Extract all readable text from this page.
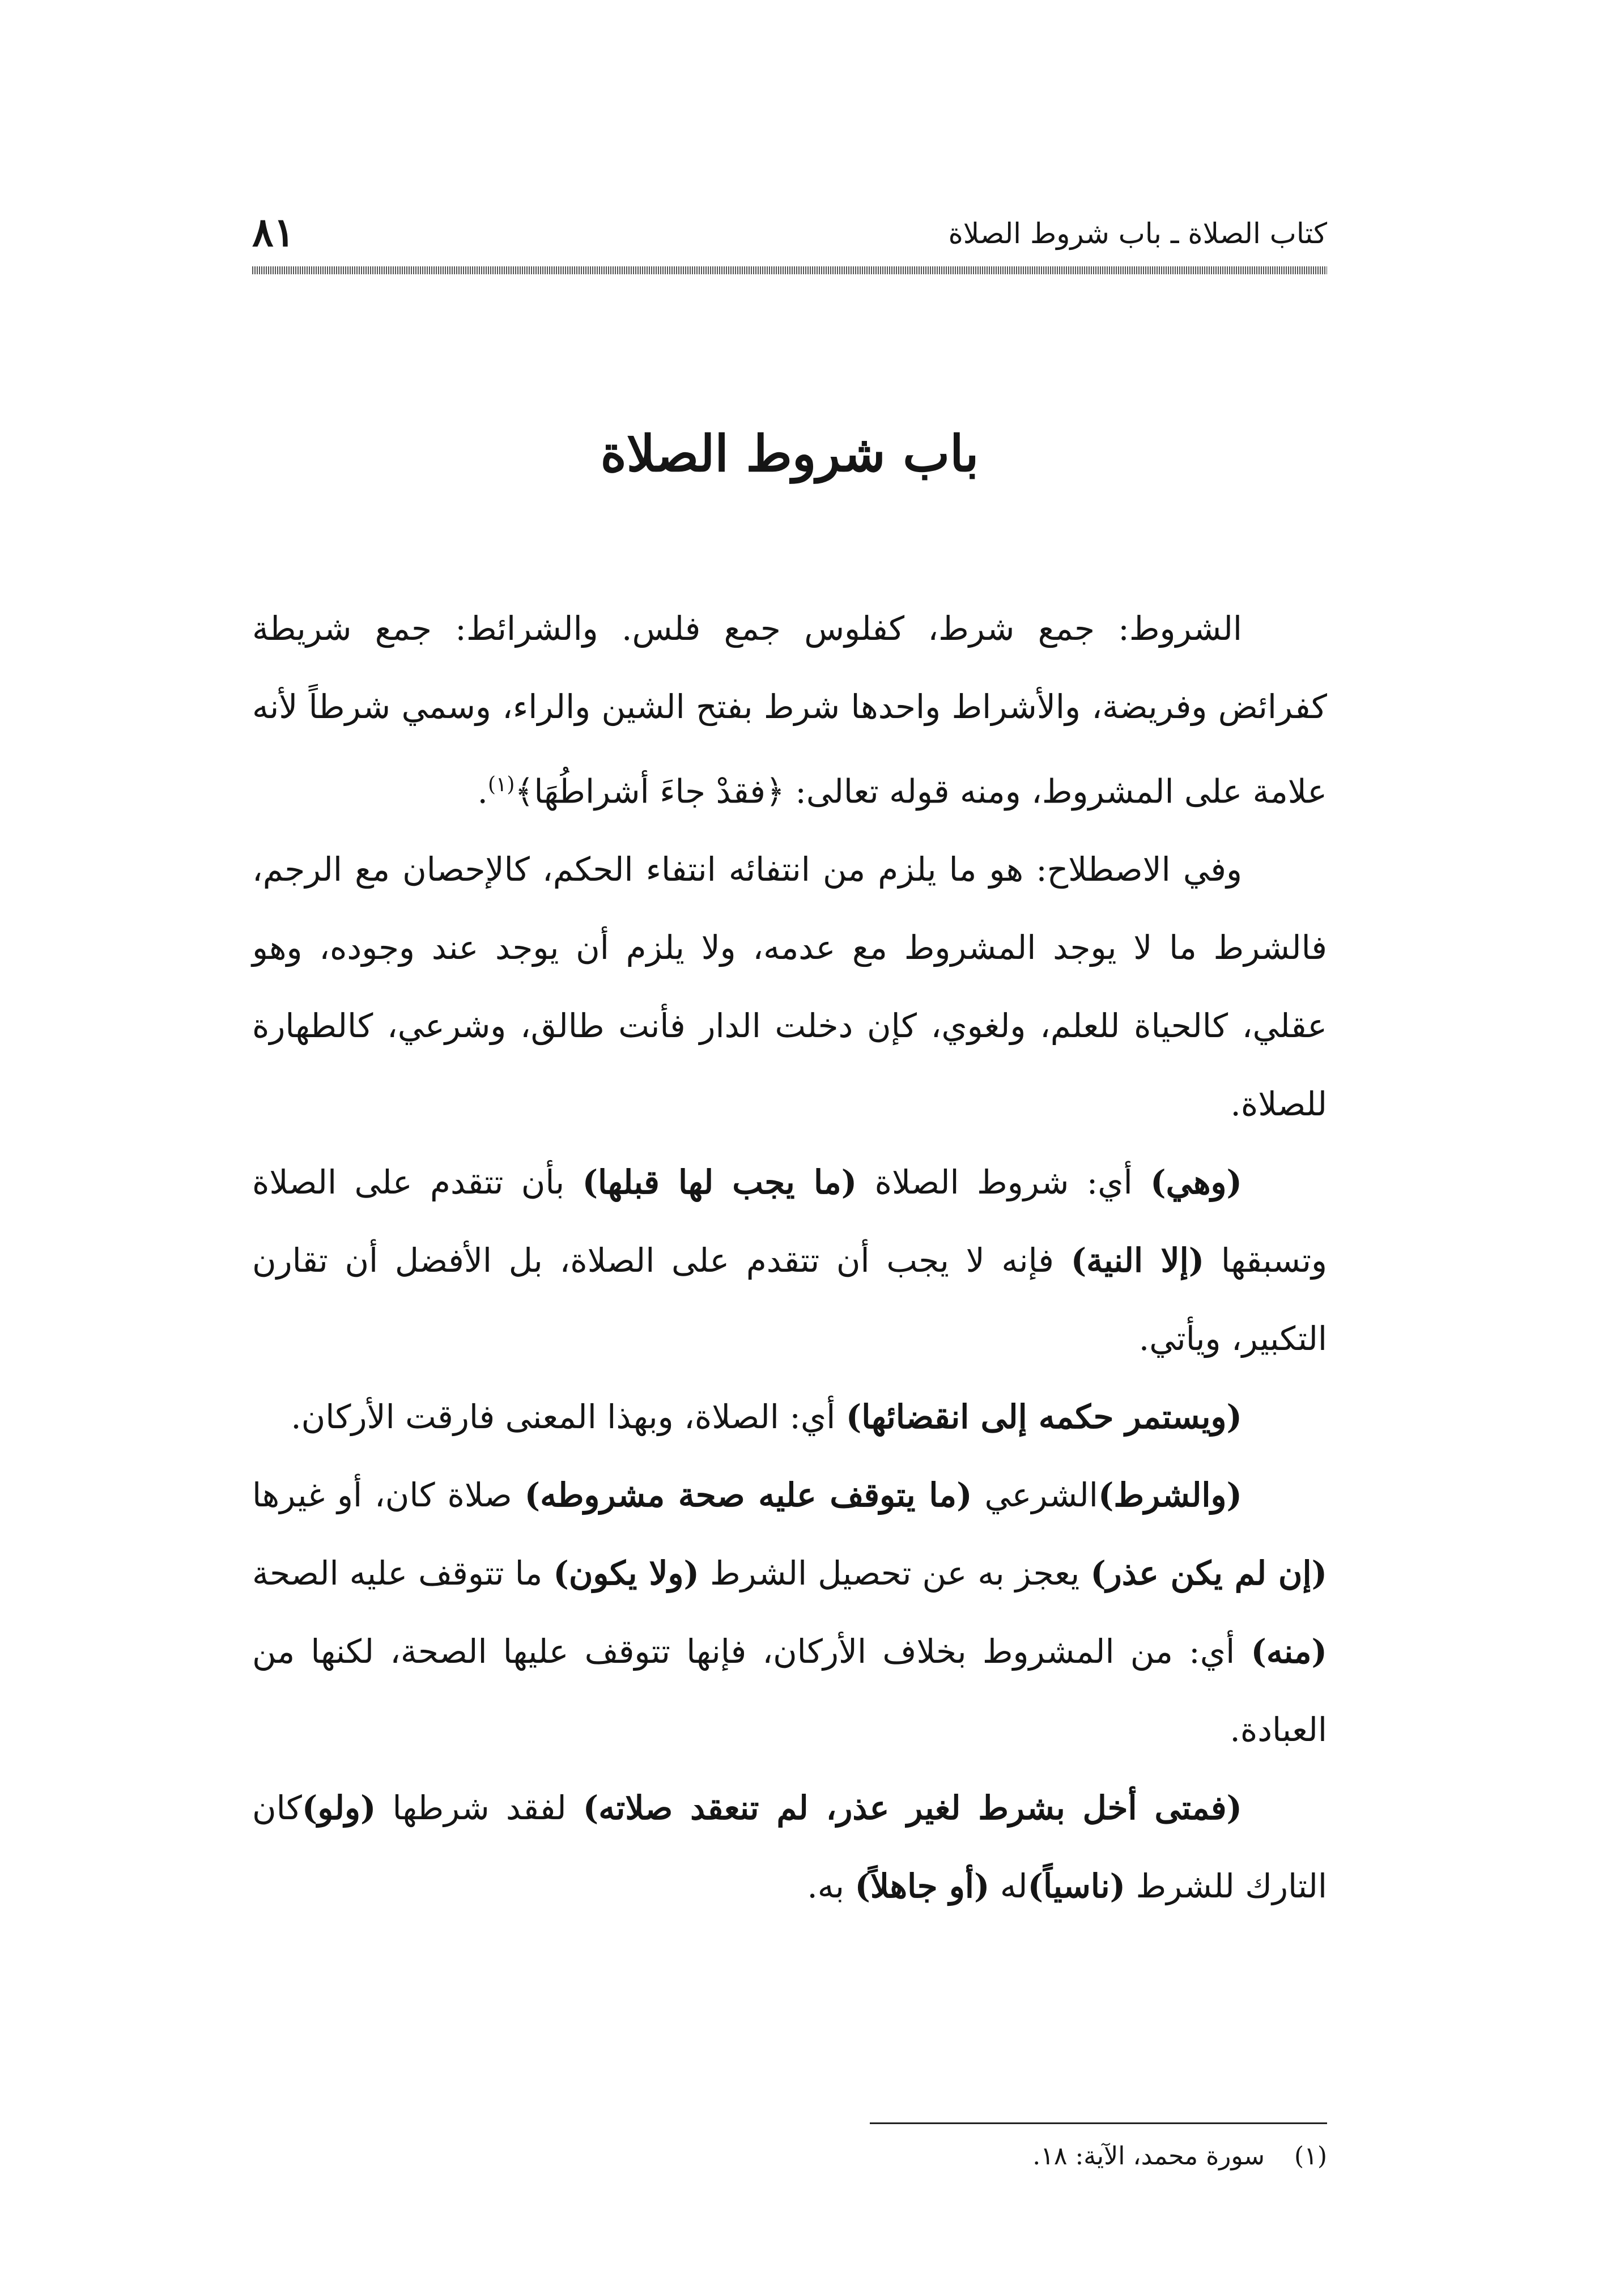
كتاب الصلاة ـ باب شروط الصلاة
٨١
باب شروط الصلاة

الشروط: جمع شرط، كفلوس جمع فلس. والشرائط: جمع شريطة كفرائض وفريضة، والأشراط واحدها شرط بفتح الشين والراء، وسمي شرطاً لأنه علامة على المشروط، ومنه قوله تعالى: ﴿فقدْ جاءَ أشراطُهَا﴾$^{(١)}$.

وفي الاصطلاح: هو ما يلزم من انتفائه انتفاء الحكم، كالإحصان مع الرجم، فالشرط ما لا يوجد المشروط مع عدمه، ولا يلزم أن يوجد عند وجوده، وهو عقلي، كالحياة للعلم، ولغوي، كإن دخلت الدار فأنت طالق، وشرعي، كالطهارة للصلاة.

(وهي) أي: شروط الصلاة (ما يجب لها قبلها) بأن تتقدم على الصلاة وتسبقها (إلا النية) فإنه لا يجب أن تتقدم على الصلاة، بل الأفضل أن تقارن التكبير، ويأتي.

(ويستمر حكمه إلى انقضائها) أي: الصلاة، وبهذا المعنى فارقت الأركان.

(والشرط)الشرعي (ما يتوقف عليه صحة مشروطه) صلاة كان، أو غيرها (إن لم يكن عذر) يعجز به عن تحصيل الشرط (ولا يكون) ما تتوقف عليه الصحة (منه) أي: من المشروط بخلاف الأركان، فإنها تتوقف عليها الصحة، لكنها من العبادة.

(فمتى أخل بشرط لغير عذر، لم تنعقد صلاته) لفقد شرطها (ولو)كان التارك للشرط (ناسياً)له (أو جاهلاً) به.

(١)سورة محمد، الآية: ١٨.
